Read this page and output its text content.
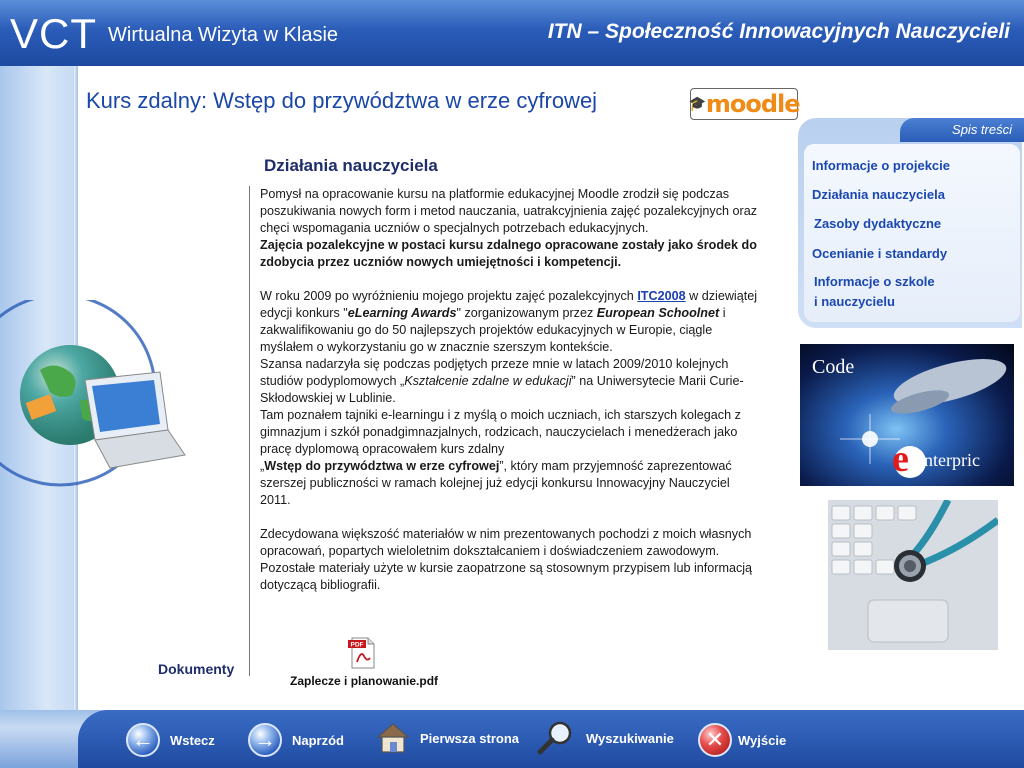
VCT Wirtualna Wizyta w Klasie	ITN – Społeczność Innowacyjnych Nauczycieli
Kurs zdalny: Wstęp do przywództwa w erze cyfrowej	🎓 moodle
Działania nauczyciela

Pomysł na opracowanie kursu na platformie edukacyjnej Moodle zrodził się podczas poszukiwania nowych form i metod nauczania, uatrakcyjnienia zajęć pozalekcyjnych oraz chęci wspomagania uczniów o specjalnych potrzebach edukacyjnych.

Zajęcia pozalekcyjne w postaci kursu zdalnego opracowane zostały jako środek do zdobycia przez uczniów nowych umiejętności i kompetencji.

W roku 2009 po wyróżnieniu mojego projektu zajęć pozalekcyjnych ITC2008 w dziewiątej edycji konkurs "eLearning Awards" zorganizowanym przez European Schoolnet i zakwalifikowaniu go do 50 najlepszych projektów edukacyjnych w Europie, ciągle myślałem o wykorzystaniu go w znacznie szerszym kontekście.

Szansa nadarzyła się podczas podjętych przeze mnie w latach 2009/2010 kolejnych studiów podyplomowych „Kształcenie zdalne w edukacji” na Uniwersytecie Marii Curie-Skłodowskiej w Lublinie.

Tam poznałem tajniki e-learningu i z myślą o moich uczniach, ich starszych kolegach z gimnazjum i szkół ponadgimnazjalnych, rodzicach, nauczycielach i menedżerach jako pracę dyplomową opracowałem kurs zdalny

„Wstęp do przywództwa w erze cyfrowej”, który mam przyjemność zaprezentować szerszej publiczności w ramach kolejnej już edycji konkursu Innowacyjny Nauczyciel 2011.

Zdecydowana większość materiałów w nim prezentowanych pochodzi z moich własnych opracowań, popartych wieloletnim dokształcaniem i doświadczeniem zawodowym. Pozostałe materiały użyte w kursie zaopatrzone są stosownym przypisem lub informacją dotyczącą bibliografii.

Dokumenty
PDF
Zaplecze i planowanie.pdf
Spis treści
Informacje o projekcie
Działania nauczyciela
Zasoby dydaktyczne
Ocenianie i standardy
Informacje o szkole
i nauczycielu
Code
e nterpric
←	Wstecz →	Naprzód	Pierwsza strona	Wyszukiwanie	✕	Wyjście
